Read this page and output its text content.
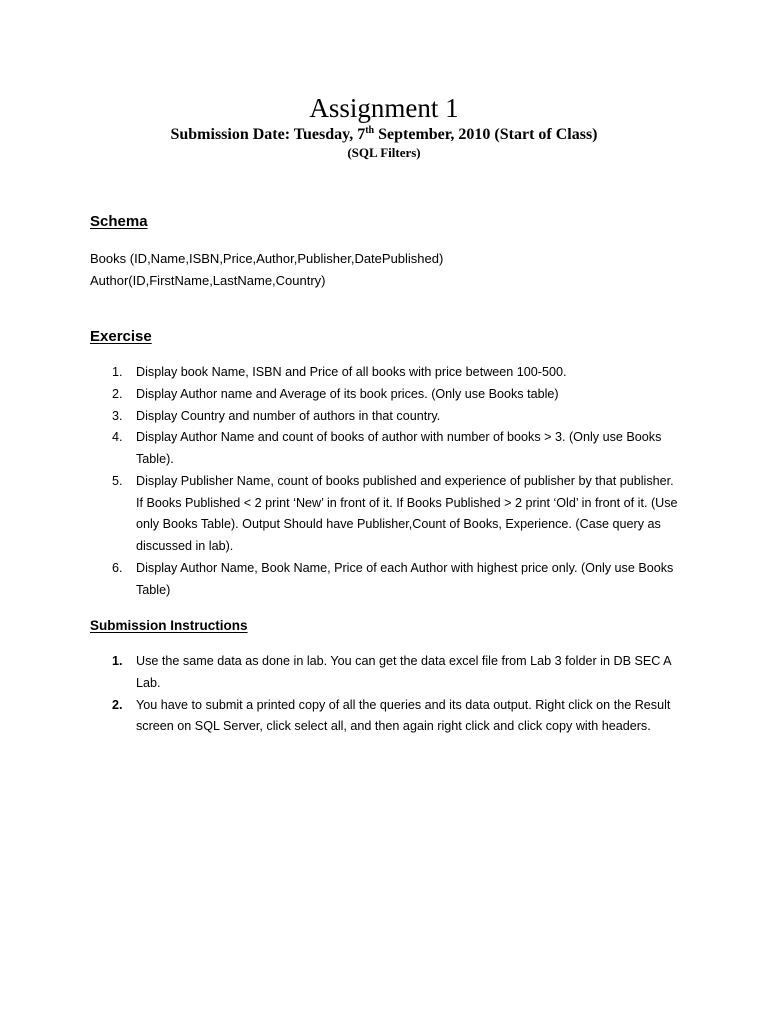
Assignment 1
Submission Date: Tuesday, 7th September, 2010 (Start of Class)
(SQL Filters)
Schema
Books (ID,Name,ISBN,Price,Author,Publisher,DatePublished)
Author(ID,FirstName,LastName,Country)
Exercise
1. Display book Name, ISBN and Price of all books with price between 100-500.
2. Display Author name and Average of its book prices. (Only use Books table)
3. Display Country and number of authors in that country.
4. Display Author Name and count of books of author with number of books > 3. (Only use Books Table).
5. Display Publisher Name, count of books published and experience of publisher by that publisher. If Books Published < 2 print ‘New’ in front of it. If Books Published > 2 print ‘Old’ in front of it. (Use only Books Table). Output Should have Publisher,Count of Books, Experience. (Case query as discussed in lab).
6. Display Author Name, Book Name, Price of each Author with highest price only. (Only use Books Table)
Submission Instructions
1. Use the same data as done in lab. You can get the data excel file from Lab 3 folder in DB SEC A Lab.
2. You have to submit a printed copy of all the queries and its data output. Right click on the Result screen on SQL Server, click select all, and then again right click and click copy with headers.
